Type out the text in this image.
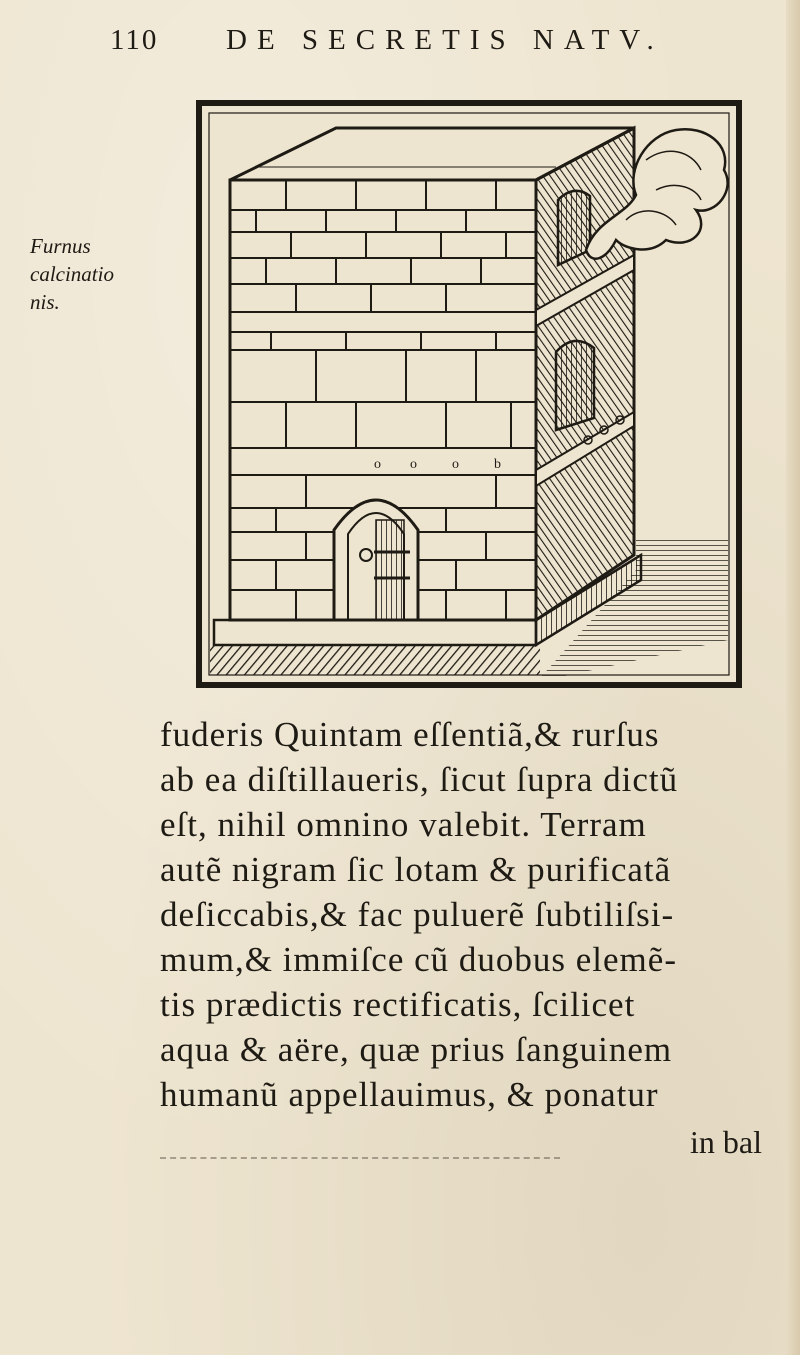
110 DE SECRETIS NATV.
Furnus
calcinatio
nis.
o o	o	b
fuderis Quintam eſſentiã,& rurſus
ab ea diſtillaueris, ſicut ſupra dictũ
eſt, nihil omnino valebit. Terram
autẽ nigram ſic lotam & purificatã
deſiccabis,& fac puluerẽ ſubtiliſsi-
mum,& immiſce cũ duobus elemẽ-
tis prædictis rectificatis, ſcilicet
aqua & aëre, quæ prius ſanguinem
humanũ appellauimus, & ponatur
in bal
